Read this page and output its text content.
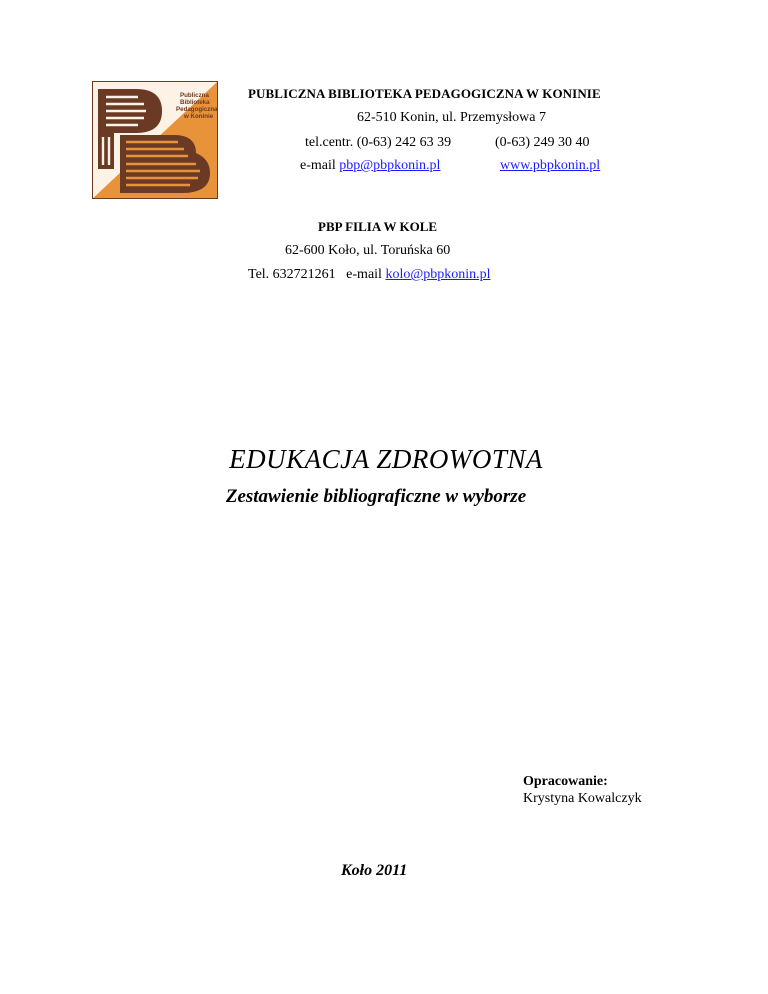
Publiczna
Biblioteka
Pedagogiczna
w Koninie
PUBLICZNA BIBLIOTEKA PEDAGOGICZNA W KONINIE
62-510 Konin, ul. Przemysłowa 7
tel.centr. (0-63) 242 63 39	(0-63) 249 30 40
e-mail pbp@pbpkonin.pl	www.pbpkonin.pl
PBP FILIA W KOLE
62-600 Koło, ul. Toruńska 60
Tel. 632721261   e-mail kolo@pbpkonin.pl
EDUKACJA ZDROWOTNA
Zestawienie bibliograficzne w wyborze
Opracowanie:
Krystyna Kowalczyk
Koło 2011
